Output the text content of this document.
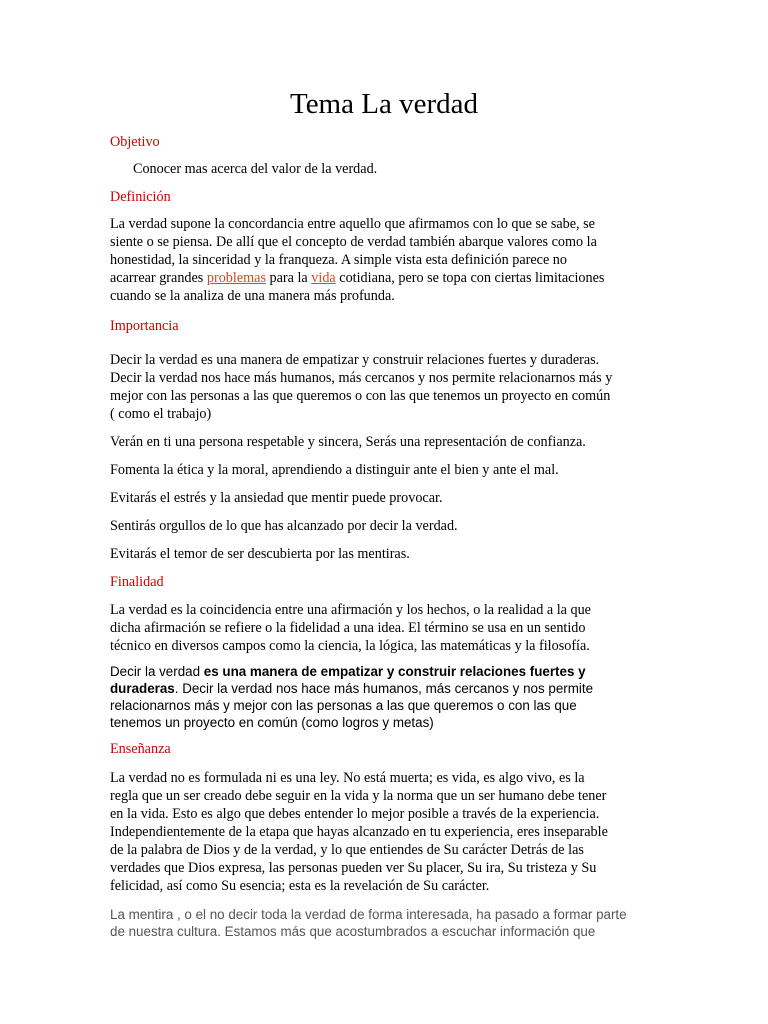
Tema La verdad

Objetivo

Conocer mas acerca del valor de la verdad.

Definición

La verdad supone la concordancia entre aquello que afirmamos con lo que se sabe, se
siente o se piensa. De allí que el concepto de verdad también abarque valores como la
honestidad, la sinceridad y la franqueza. A simple vista esta definición parece no
acarrear grandes problemas para la vida cotidiana, pero se topa con ciertas limitaciones
cuando se la analiza de una manera más profunda.

Importancia

Decir la verdad es una manera de empatizar y construir relaciones fuertes y duraderas.
Decir la verdad nos hace más humanos, más cercanos y nos permite relacionarnos más y
mejor con las personas a las que queremos o con las que tenemos un proyecto en común
( como el trabajo)

Verán en ti una persona respetable y sincera, Serás una representación de confianza.

Fomenta la ética y la moral, aprendiendo a distinguir ante el bien y ante el mal.

Evitarás el estrés y la ansiedad que mentir puede provocar.

Sentirás orgullos de lo que has alcanzado por decir la verdad.

Evitarás el temor de ser descubierta por las mentiras.

Finalidad

La verdad es la coincidencia entre una afirmación y los hechos, o la realidad a la que
dicha afirmación se refiere o la fidelidad a una idea. El término se usa en un sentido
técnico en diversos campos como la ciencia, la lógica, las matemáticas y la filosofía.
Decir la verdad es una manera de empatizar y construir relaciones fuertes y
duraderas. Decir la verdad nos hace más humanos, más cercanos y nos permite
relacionarnos más y mejor con las personas a las que queremos o con las que
tenemos un proyecto en común (como logros y metas)

Enseñanza

La verdad no es formulada ni es una ley. No está muerta; es vida, es algo vivo, es la
regla que un ser creado debe seguir en la vida y la norma que un ser humano debe tener
en la vida. Esto es algo que debes entender lo mejor posible a través de la experiencia.
Independientemente de la etapa que hayas alcanzado en tu experiencia, eres inseparable
de la palabra de Dios y de la verdad, y lo que entiendes de Su carácter Detrás de las
verdades que Dios expresa, las personas pueden ver Su placer, Su ira, Su tristeza y Su
felicidad, así como Su esencia; esta es la revelación de Su carácter.
La mentira , o el no decir toda la verdad de forma interesada, ha pasado a formar parte
de nuestra cultura. Estamos más que acostumbrados a escuchar información que
